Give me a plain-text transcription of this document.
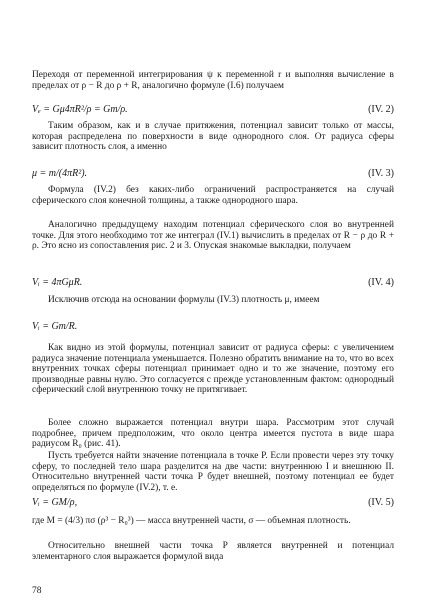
Переходя от переменной интегрирования ψ к переменной r и выполняя вычисление в пределах от ρ − R до ρ + R, аналогично формуле (I.6) получаем

Vₑ = Gμ4πR²/ρ = Gm/ρ.	(IV. 2)

Таким образом, как и в случае притяжения, потенциал зависит только от массы, которая распределена по поверхности в виде однородного слоя. От радиуса сферы зависит плотность слоя, а именно

μ = m/(4πR²).	(IV. 3)

Формула (IV.2) без каких-либо ограничений распространяется на случай сферического слоя конечной толщины, а также однородного шара.

Аналогично предыдущему находим потенциал сферического слоя во внутренней точке. Для этого необходимо тот же интеграл (IV.1) вычислить в пределах от R − ρ до R + ρ. Это ясно из сопоставления рис. 2 и 3. Опуская знакомые выкладки, получаем

Vᵢ = 4πGμR.	(IV. 4)

Исключив отсюда на основании формулы (IV.3) плотность μ, имеем

Vᵢ = Gm/R.

Как видно из этой формулы, потенциал зависит от радиуса сферы: с увеличением радиуса значение потенциала уменьшается. Полезно обратить внимание на то, что во всех внутренних точках сферы потенциал принимает одно и то же значение, поэтому его производные равны нулю. Это согласуется с прежде установленным фактом: однородный сферический слой внутреннюю точку не притягивает.

Более сложно выражается потенциал внутри шара. Рассмотрим этот случай подробнее, причем предположим, что около центра имеется пустота в виде шара радиусом R₀ (рис. 41).

Пусть требуется найти значение потенциала в точке P. Если провести через эту точку сферу, то последней тело шара разделится на две части: внутреннюю I и внешнюю II. Относительно внутренней части точка P будет внешней, поэтому потенциал ее будет определяться по формуле (IV.2), т. е.

Vᵢ = GM/ρ,	(IV. 5)

где M = (4/3) πσ (ρ³ − R₀³) — масса внутренней части, σ — объемная плотность.

Относительно внешней части точка P является внутренней и потенциал элементарного слоя выражается формулой вида

78
